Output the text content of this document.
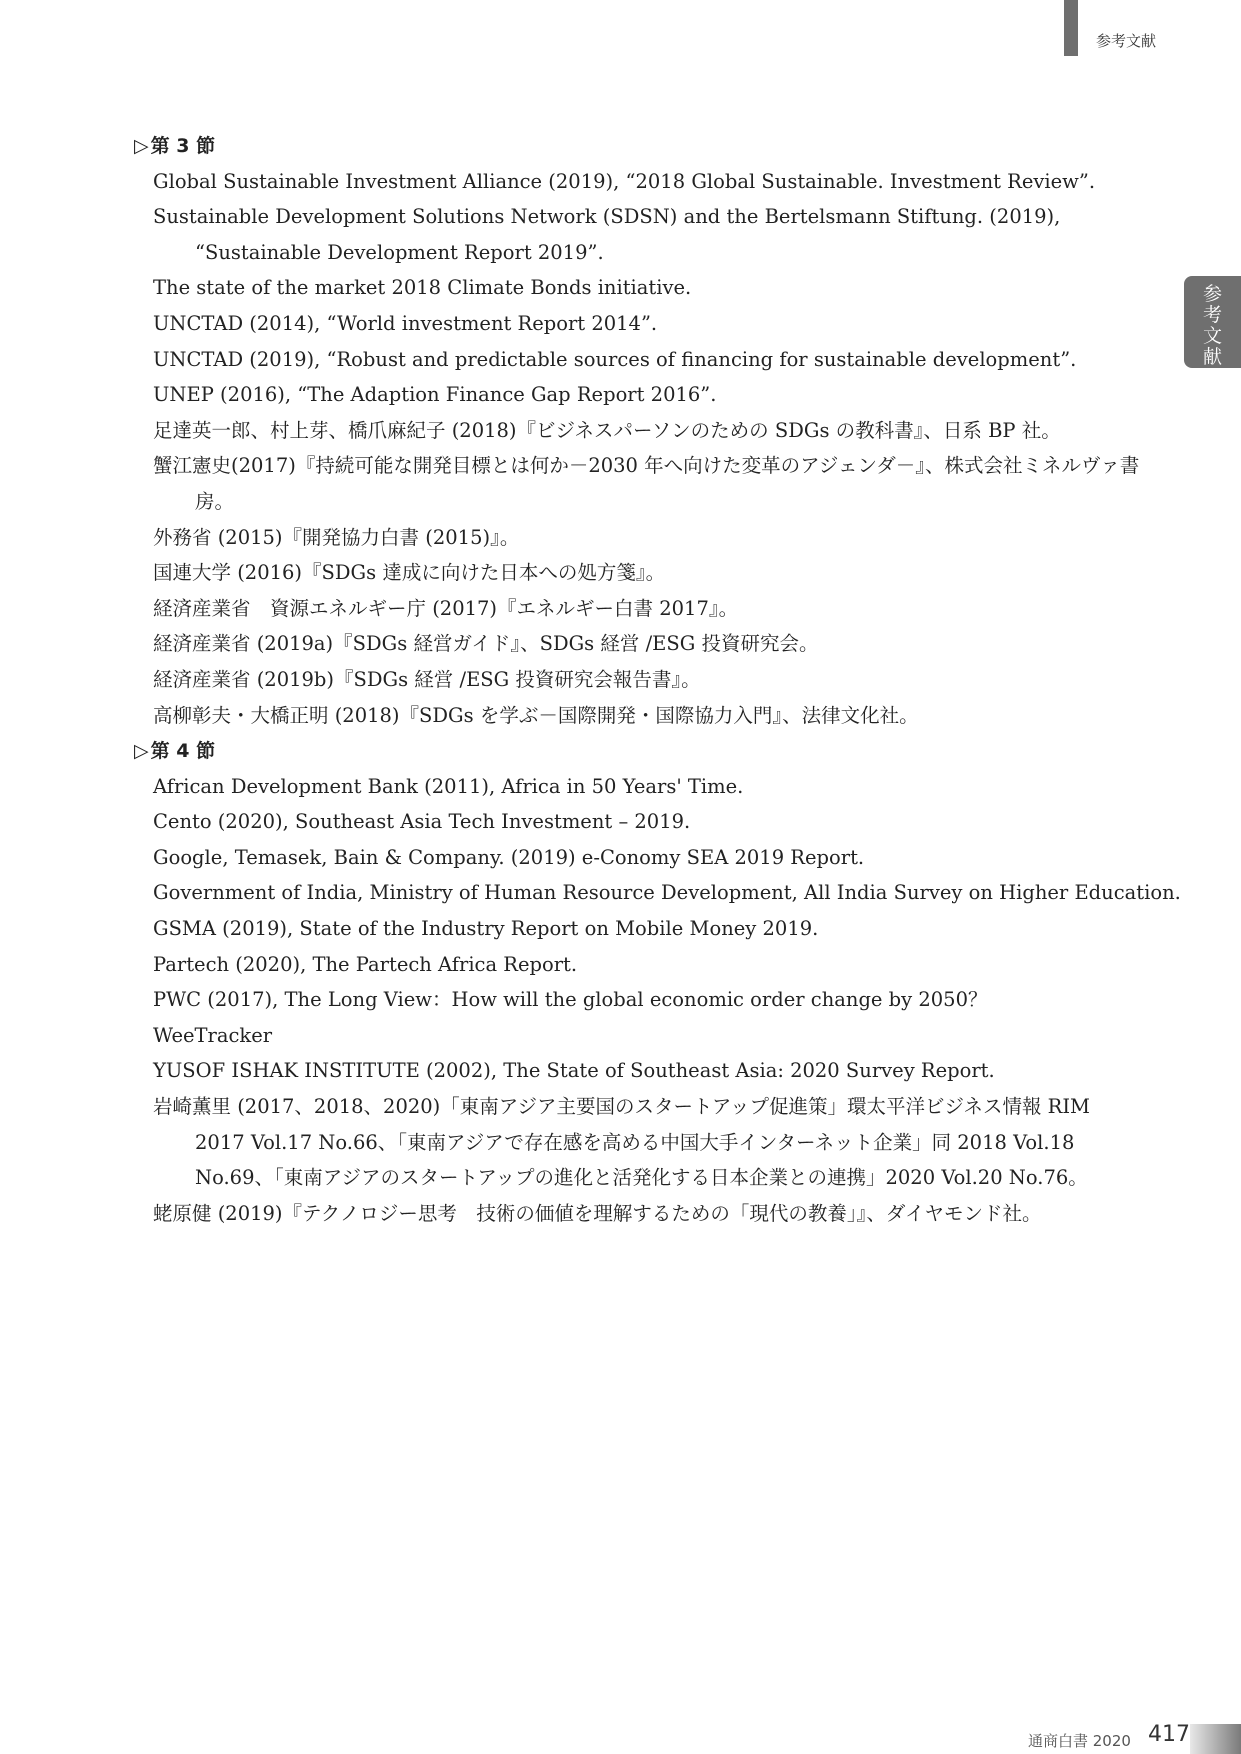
参考文献
参
考
文
献
▷ 第 3 節

Global Sustainable Investment Alliance (2019), “2018 Global Sustainable. Investment Review”.

Sustainable Development Solutions Network (SDSN) and the Bertelsmann Stiftung. (2019), “Sustainable Development Report 2019”.

The state of the market 2018 Climate Bonds initiative.

UNCTAD (2014), “World investment Report 2014”.

UNCTAD (2019), “Robust and predictable sources of financing for sustainable development”.

UNEP (2016), “The Adaption Finance Gap Report 2016”.

足達英一郎、村上芽、橋爪麻紀子 (2018)『ビジネスパーソンのための SDGs の教科書』、日系 BP 社。

蟹江憲史(2017)『持続可能な開発目標とは何か－2030 年へ向けた変革のアジェンダ－』、株式会社ミネルヴァ書房。

外務省 (2015)『開発協力白書 (2015)』。

国連大学 (2016)『SDGs 達成に向けた日本への処方箋』。

経済産業省　資源エネルギー庁 (2017)『エネルギー白書 2017』。

経済産業省 (2019a)『SDGs 経営ガイド』、SDGs 経営 /ESG 投資研究会。

経済産業省 (2019b)『SDGs 経営 /ESG 投資研究会報告書』。

高柳彰夫・大橋正明 (2018)『SDGs を学ぶ－国際開発・国際協力入門』、法律文化社。

▷ 第 4 節

African Development Bank (2011), Africa in 50 Years' Time.

Cento (2020), Southeast Asia Tech Investment – 2019.

Google, Temasek, Bain & Company. (2019) e-Conomy SEA 2019 Report.

Government of India, Ministry of Human Resource Development, All India Survey on Higher Education.

GSMA (2019), State of the Industry Report on Mobile Money 2019.

Partech (2020), The Partech Africa Report.

PWC (2017), The Long View：How will the global economic order change by 2050？

WeeTracker

YUSOF ISHAK INSTITUTE (2002), The State of Southeast Asia: 2020 Survey Report.

岩崎薫里 (2017、2018、2020)「東南アジア主要国のスタートアップ促進策」環太平洋ビジネス情報 RIM 2017 Vol.17 No.66、「東南アジアで存在感を高める中国大手インターネット企業」同 2018 Vol.18 No.69、「東南アジアのスタートアップの進化と活発化する日本企業との連携」2020 Vol.20 No.76。

蛯原健 (2019)『テクノロジー思考　技術の価値を理解するための「現代の教養」』、ダイヤモンド社。

通商白書 2020 417
